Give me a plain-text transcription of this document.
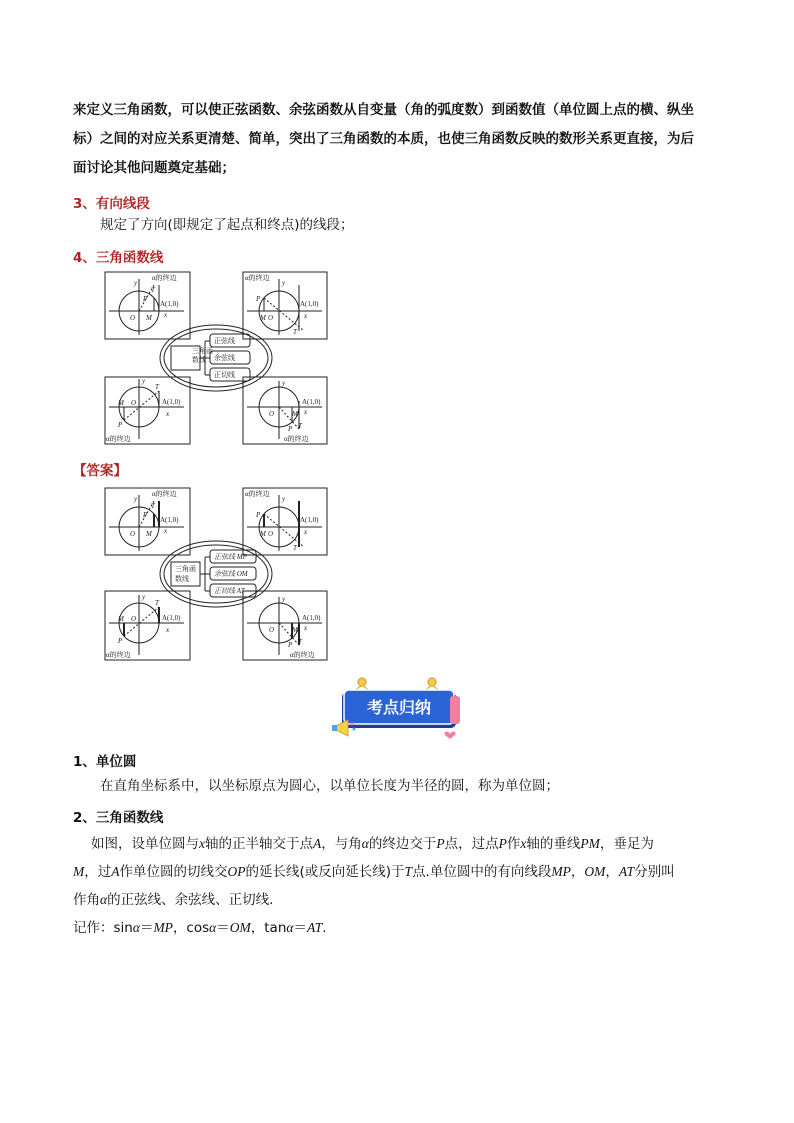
来定义三角函数，可以使正弦函数、余弦函数从自变量（角的弧度数）到函数值（单位圆上点的横、纵坐
标）之间的对应关系更清楚、简单，突出了三角函数的本质，也使三角函数反映的数形关系更直接，为后
面讨论其他问题奠定基础；
3、有向线段
规定了方向(即规定了起点和终点)的线段；
4、三角函数线
三角函
数线
正弦线
余弦线
正切线
α的终边
A(1,0)
P
T
O M x
y
α的终边
A(1,0)
P
T
M O	x
y
A(1,0)
T
M O
P
x
y
α的终边
A(1,0)
O	M
P T
x
y
α的终边
【答案】
三角函
数线
正弦线 MP
余弦线 OM
正切线 AT
α的终边
A(1,0)
P
T
O M x
y
α的终边
A(1,0)
P
T
M O	x
y
A(1,0)
T
M O
P
x
y
α的终边
A(1,0)
O	M
P T
x
y
α的终边
考点归纳
1、单位圆
在直角坐标系中，以坐标原点为圆心，以单位长度为半径的圆，称为单位圆；
2、三角函数线
如图，设单位圆与x轴的正半轴交于点A，与角α的终边交于P点，过点P作x轴的垂线PM，垂足为
M，过A作单位圆的切线交OP的延长线(或反向延长线)于T点.单位圆中的有向线段MP，OM，AT分别叫
作角α的正弦线、余弦线、正切线.
记作：sinα＝MP，cosα＝OM，tanα＝AT.
